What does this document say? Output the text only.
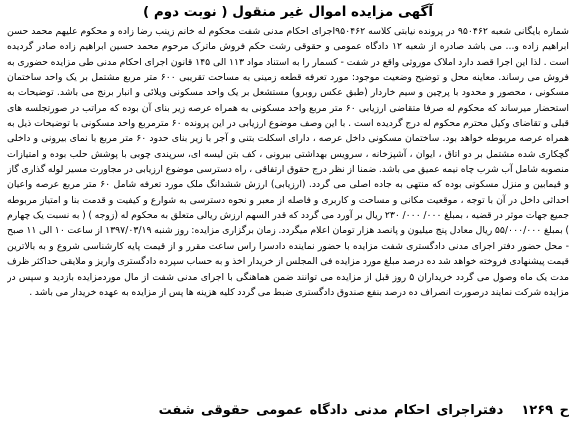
آگهی مزایده اموال غیر منقول ( نوبت دوم )
شماره بایگانی شعبه ۹۵۰۴۶۲ در پرونده نیابتی کلاسه ۹۵۰۴۶۲اجرای احکام مدنی شفت محکوم له خانم زینب رضا زاده و محکوم علیهم محمد حسن ابراهیم زاده و... می باشد صادره از شعبه ۱۲ دادگاه عمومی و حقوقی رشت حکم فروش ماترک مرحوم محمد حسین ابراهیم زاده صادر گردیده است . لذا این اجرا قصد دارد املاک موروثی واقع در شفت - کسمار را به استناد مواد ۱۱۳ الی ۱۴۵ قانون اجرای احکام مدنی طی مزایده حضوری به فروش می رساند. معاینه محل و توضیح وضعیت موجود: مورد تعرفه قطعه زمینی به مساحت تقریبی ۶۰۰ متر مربع مشتمل بر یک واحد ساختمان مسکونی ، محصور و محدود با پرچین و سیم خاردار (طبق عکس روبرو) مستشعل بر یک واحد مسکونی ویلائی و انبار برنج می باشد. توضیحات به استحضار میرساند که محکوم له صرفا متقاضی ارزیابی ۶۰ متر مربع واحد مسکونی به همراه عرصه زیر بنای آن بوده که مراتب در صورتجلسه های قبلی و تقاضای وکیل محترم محکوم له درج گردیده است . با این وصف موضوع ارزیابی در این پرونده ۶۰ مترمربع واحد مسکونی با توضیحات ذیل به همراه عرصه مربوطه خواهد بود. ساختمان مسکونی داخل عرصه ، دارای اسکلت بتنی و آجر با زیر بنای حدود ۶۰ متر مربع با نمای بیرونی و داخلی گچکاری شده مشتمل بر دو اتاق ، ایوان ، آشپزخانه ، سرویس بهداشتی بیرونی ، کف بتن لیسه ای، سرپندی چوبی با پوشش حلب بوده و امتیازات منصوبه شامل آب شرب چاه نیمه عمیق می باشد. ضمنا از نظر درج حقوق ارتفاقی ، راه دسترسی موضوع ارزیابی در مجاورت مسیر لوله گذاری گاز و قیمابین و منزل مسکونی بوده که منتهی به جاده اصلی می گردد. (ارزیابی) ارزش ششدانگ ملک مورد تعرفه شامل ۶۰ متر مربع عرصه واعیان احداثی داخل در آن با توجه ، موقعیت مکانی و مساحت و کاربری و فاصله از معبر و نحوه دسترسی به شوارع و کیفیت و قدمت بنا و امتیاز مربوطه جمیع جهات موثر در قضیه ، بمبلغ ۰۰۰/ ۰۰۰/ ۲۳۰ ریال بر آورد می گردد که قدر السهم ارزش ریالی متعلق به محکوم له (زوجه ) ( به نسبت یک چهارم ) بمبلغ ۵۵/۰۰۰/۰۰۰ ریال معادل پنج میلیون و پانصد هزار تومان اعلام میگردد. زمان برگزاری مزایده: روز شنبه ۱۳۹۷/۰۳/۱۹ از ساعت ۱۰ الی ۱۱ صبح - محل حضور دفتر اجرای مدنی دادگستری شفت مزایده با حضور نماینده دادسرا راس ساعت مقرر و از قیمت پایه کارشناسی شروع و به بالاترین قیمت پیشنهادی فروخته خواهد شد ده درصد مبلغ مورد مزایده فی المجلس از خریدار اخذ و به حساب سپرده دادگستری واریز و ملایقی حداکثر ظرف مدت یک ماه وصول می گردد خریداران ۵ روز قبل از مزایده می توانند ضمن هماهنگی با اجرای مدنی شفت از مال موردمزایده بازدید و سپس در مزایده شرکت نمایند درصورت انصراف ده درصد بنفع صندوق دادگستری ضبط می گردد کلیه هزینه ها پس از مزایده به عهده خریدار می باشد .
ح ۱۲۶۹
دفتراجرای احکام مدنی دادگاه عمومی حقوقی شفت
